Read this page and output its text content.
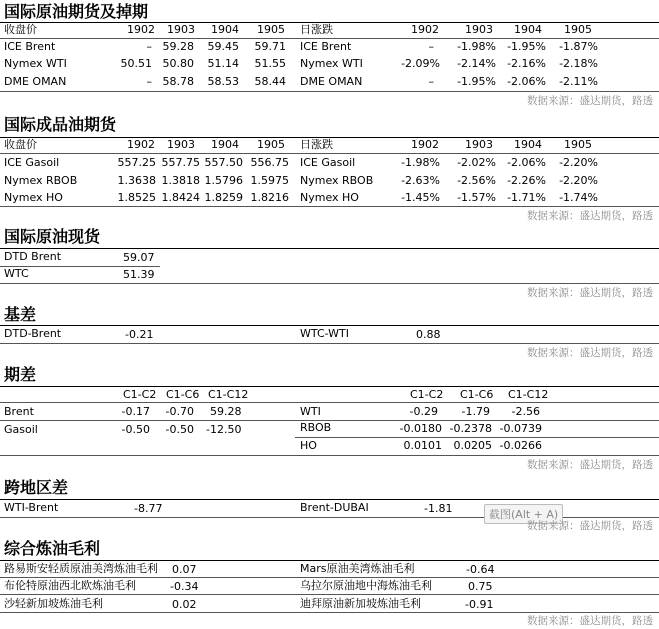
国际原油期货及掉期
收盘价	1902	1903	1904	1905	日涨跌	1902	1903	1904	1905
ICE Brent	– 59.28	59.45	59.71 ICE Brent	–	-1.98%	-1.95%	-1.87%
Nymex WTI	50.51 50.80	51.14	51.55 Nymex WTI	-2.09%	-2.14%	-2.16%	-2.18%
DME OMAN	– 58.78	58.53	58.44 DME OMAN	–	-1.95%	-2.06%	-2.11%
数据来源：盛达期货，路透
国际成品油期货
收盘价	1902	1903	1904	1905	日涨跌	1902	1903	1904	1905
ICE Gasoil	557.25 557.75 557.50 556.75 ICE Gasoil	-1.98%	-2.02%	-2.06%	-2.20%
Nymex RBOB	1.3638 1.3818 1.5796 1.5975 Nymex RBOB	-2.63%	-2.56%	-2.26%	-2.20%
Nymex HO	1.8525 1.8424 1.8259 1.8216 Nymex HO	-1.45%	-1.57%	-1.71%	-1.74%
数据来源：盛达期货，路透
国际原油现货
DTD Brent	59.07
WTC	51.39
数据来源：盛达期货，路透
基差
DTD-Brent	-0.21	WTC-WTI	0.88
数据来源：盛达期货，路透
期差
C1-C2 C1-C6 C1-C12	C1-C2 C1-C6 C1-C12
Brent	-0.17	-0.70 59.28	WTI	-0.29	-1.79	-2.56
Gasoil	-0.50	-0.50 -12.50	RBOB	-0.0180 -0.2378 -0.0739
HO	0.0101	0.0205 -0.0266
数据来源：盛达期货，路透
跨地区差
WTI-Brent	-8.77	Brent-DUBAI	-1.81	截图(Alt + A)
数据来源：盛达期货，路透
综合炼油毛利
路易斯安轻质原油美湾炼油毛利 0.07	Mars原油美湾炼油毛利	-0.64
布伦特原油西北欧炼油毛利	-0.34	乌拉尔原油地中海炼油毛利	0.75
沙轻新加坡炼油毛利	0.02	迪拜原油新加坡炼油毛利	-0.91
数据来源：盛达期货，路透
